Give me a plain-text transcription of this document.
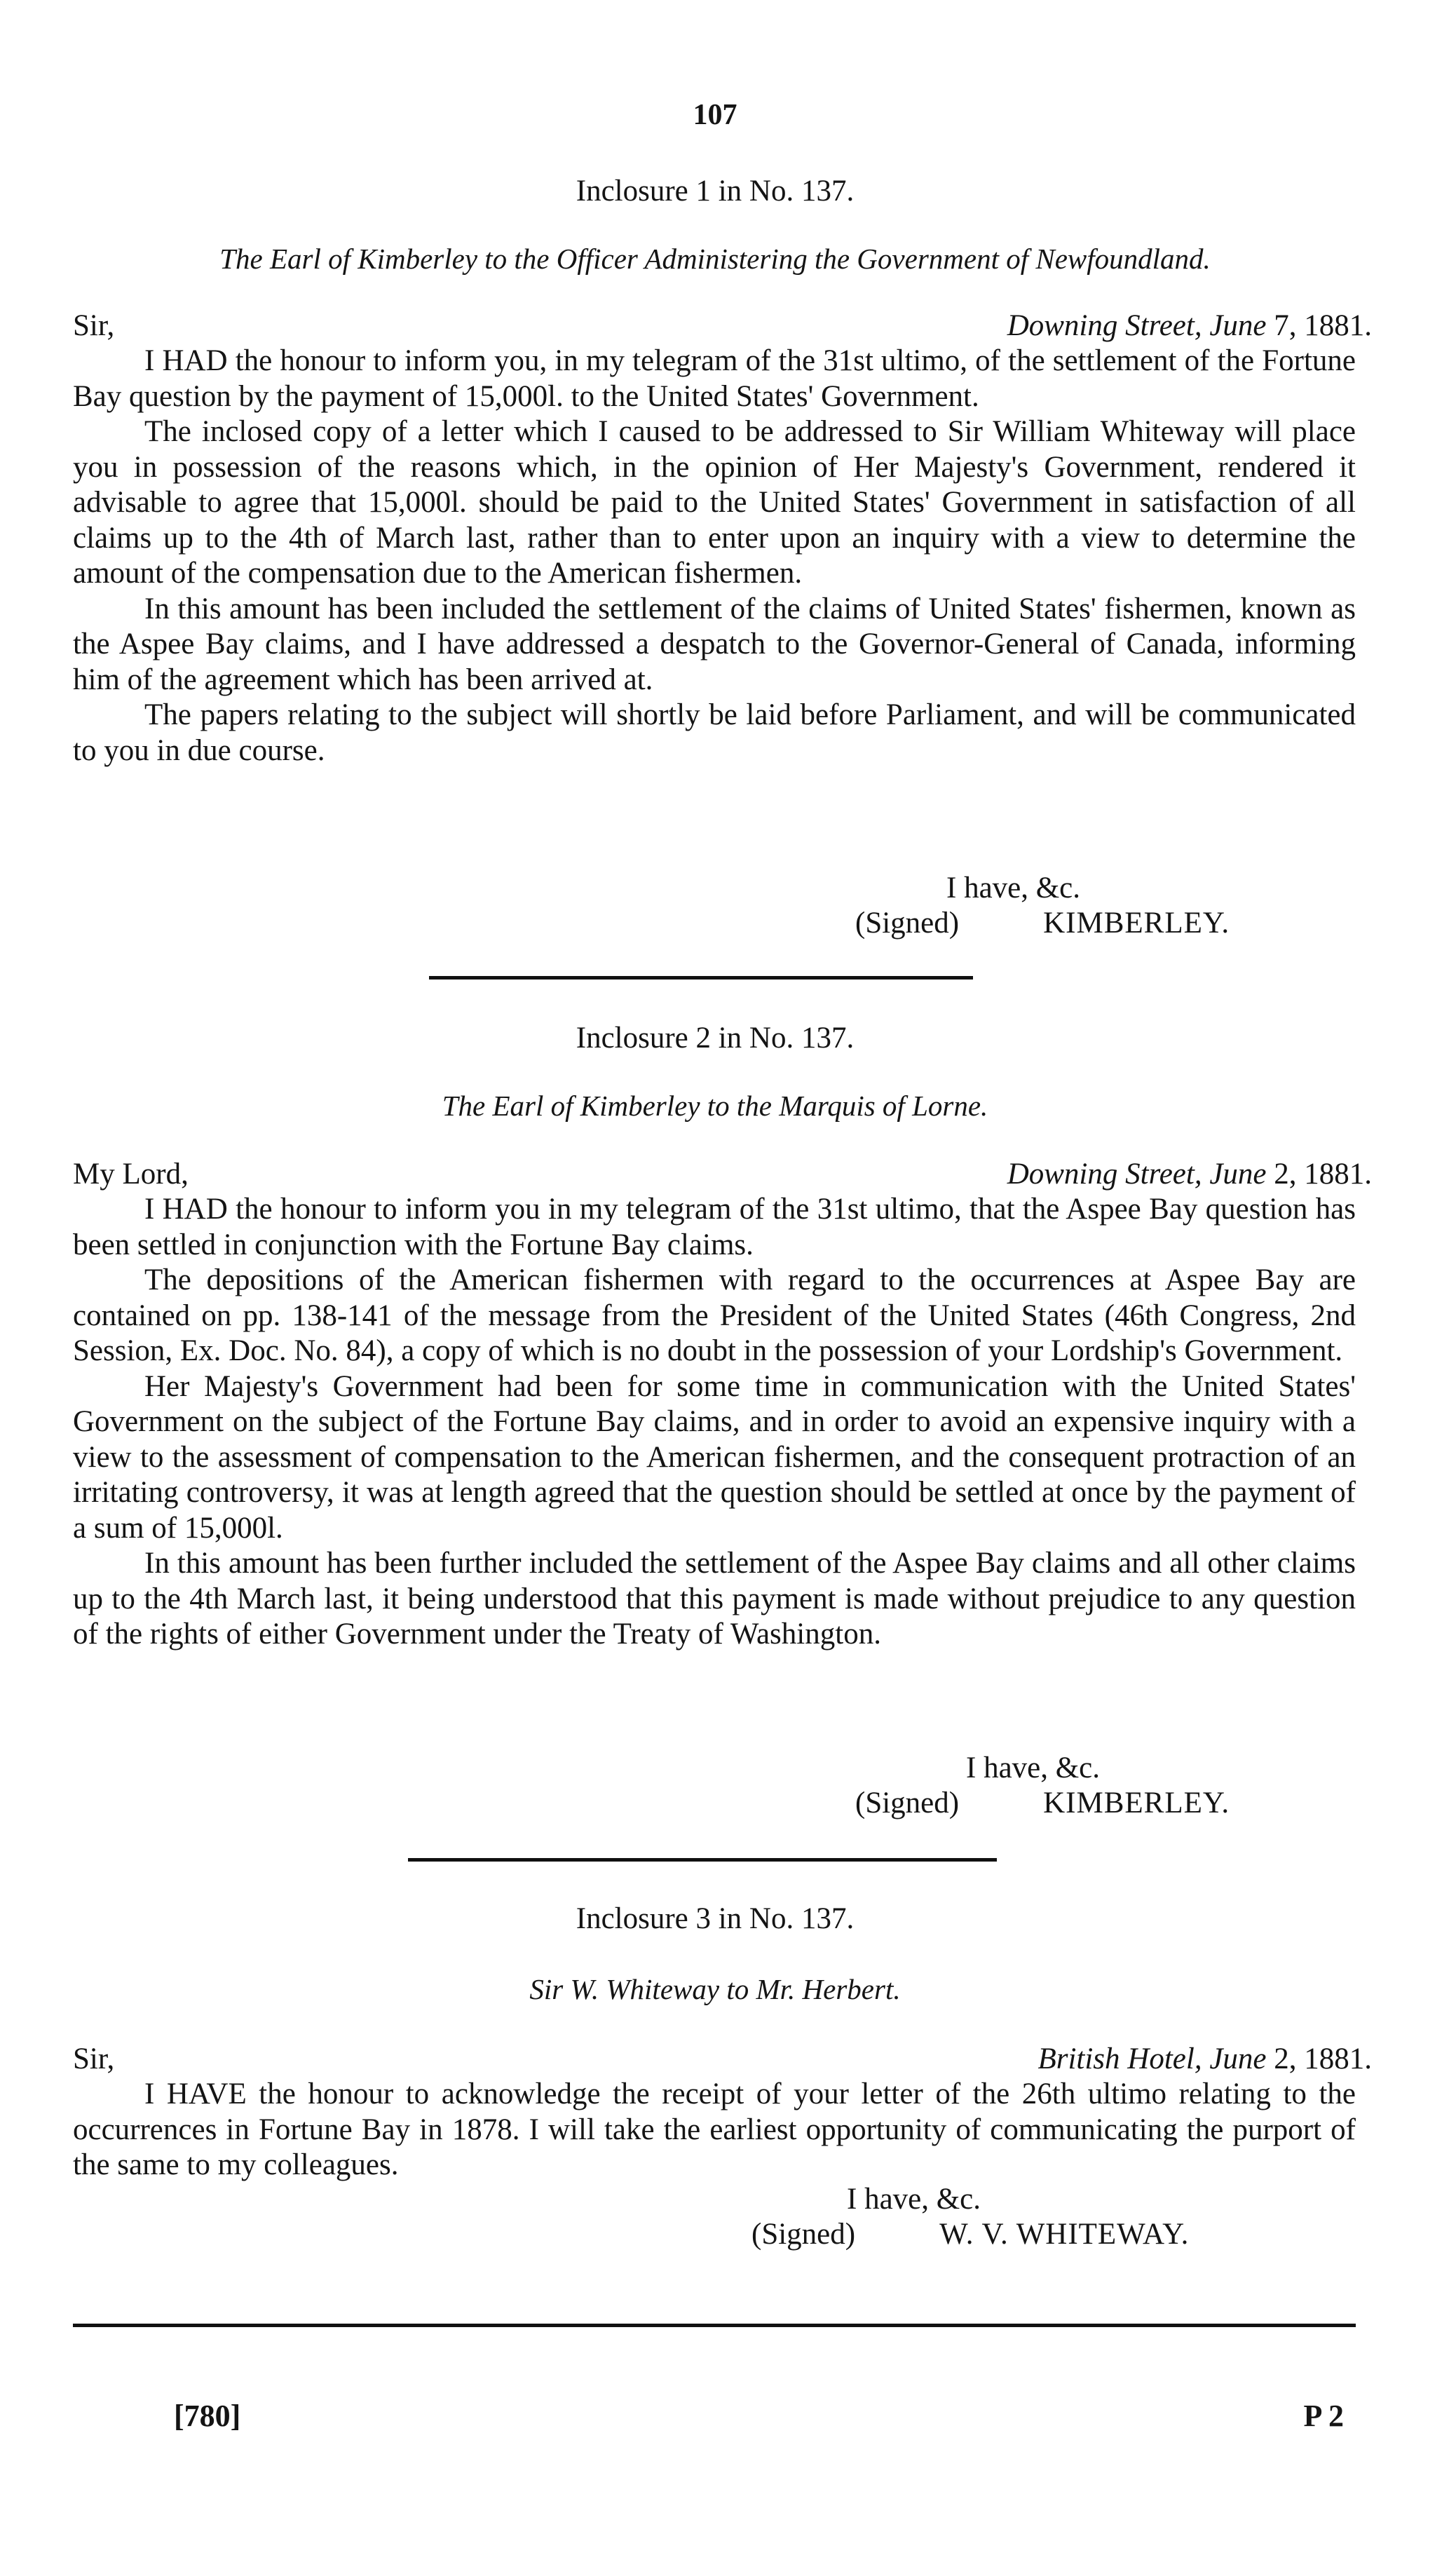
107
Inclosure 1 in No. 137.
The Earl of Kimberley to the Officer Administering the Government of Newfoundland.
Sir,	Downing Street, June 7, 1881.

I HAD the honour to inform you, in my telegram of the 31st ultimo, of the settlement of the Fortune Bay question by the payment of 15,000l. to the United States' Government.

The inclosed copy of a letter which I caused to be addressed to Sir William Whiteway will place you in possession of the reasons which, in the opinion of Her Majesty's Government, rendered it advisable to agree that 15,000l. should be paid to the United States' Government in satisfaction of all claims up to the 4th of March last, rather than to enter upon an inquiry with a view to determine the amount of the compensation due to the American fishermen.

In this amount has been included the settlement of the claims of United States' fishermen, known as the Aspee Bay claims, and I have addressed a despatch to the Governor-General of Canada, informing him of the agreement which has been arrived at.

The papers relating to the subject will shortly be laid before Parliament, and will be communicated to you in due course.

I have, &c.
(Signed)	KIMBERLEY.
Inclosure 2 in No. 137.
The Earl of Kimberley to the Marquis of Lorne.
My Lord,	Downing Street, June 2, 1881.

I HAD the honour to inform you in my telegram of the 31st ultimo, that the Aspee Bay question has been settled in conjunction with the Fortune Bay claims.

The depositions of the American fishermen with regard to the occurrences at Aspee Bay are contained on pp. 138-141 of the message from the President of the United States (46th Congress, 2nd Session, Ex. Doc. No. 84), a copy of which is no doubt in the possession of your Lordship's Government.

Her Majesty's Government had been for some time in communication with the United States' Government on the subject of the Fortune Bay claims, and in order to avoid an expensive inquiry with a view to the assessment of compensation to the American fishermen, and the consequent protraction of an irritating controversy, it was at length agreed that the question should be settled at once by the payment of a sum of 15,000l.

In this amount has been further included the settlement of the Aspee Bay claims and all other claims up to the 4th March last, it being understood that this payment is made without prejudice to any question of the rights of either Government under the Treaty of Washington.

I have, &c.
(Signed)	KIMBERLEY.
Inclosure 3 in No. 137.
Sir W. Whiteway to Mr. Herbert.
Sir,	British Hotel, June 2, 1881.

I HAVE the honour to acknowledge the receipt of your letter of the 26th ultimo relating to the occurrences in Fortune Bay in 1878. I will take the earliest opportunity of communicating the purport of the same to my colleagues.

I have, &c.
(Signed)	W. V. WHITEWAY.
[780]	P 2
